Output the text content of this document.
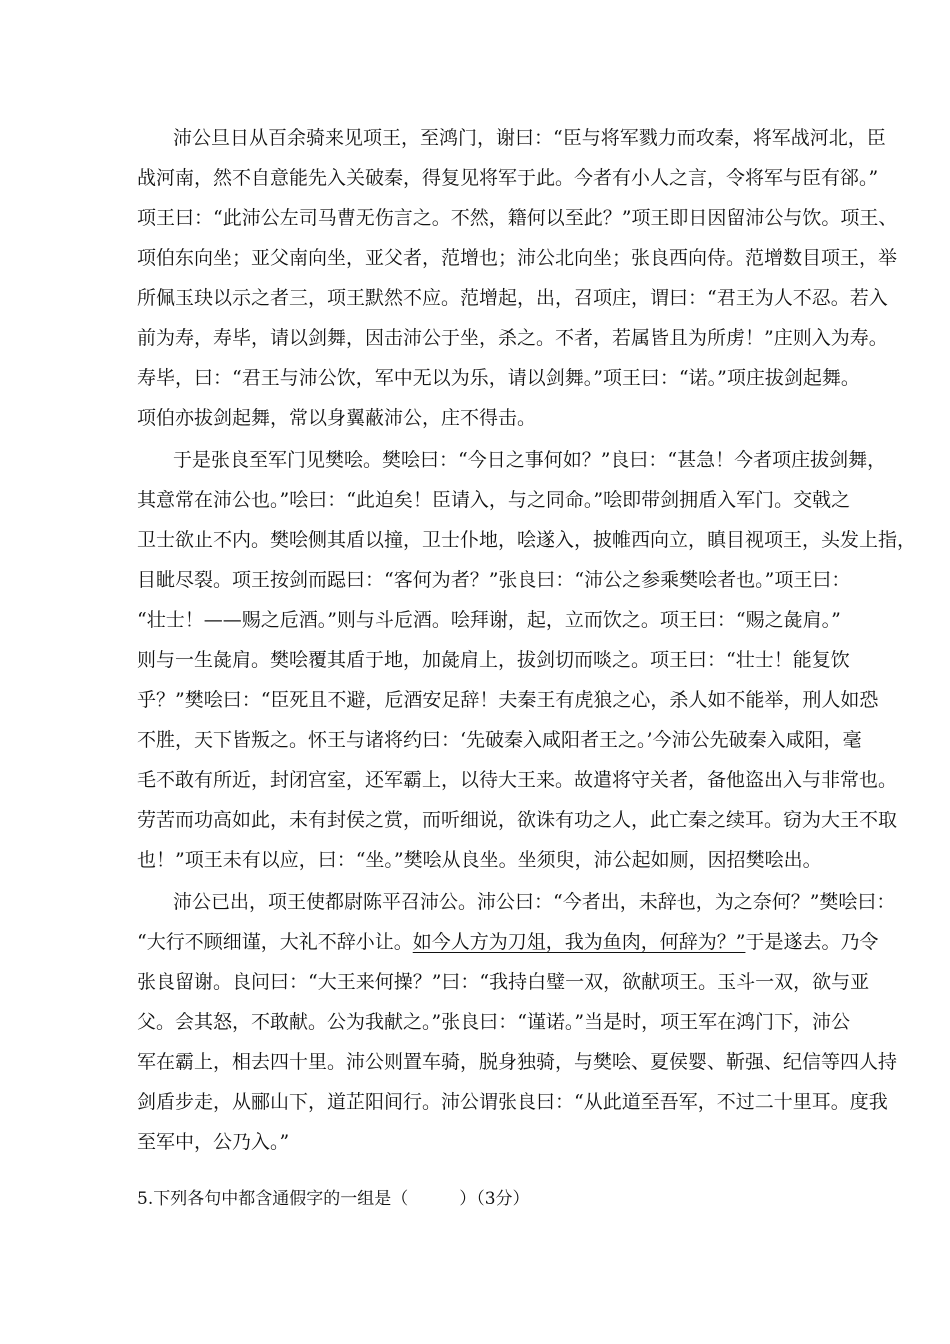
沛公旦日从百余骑来见项王，至鸿门，谢曰：“臣与将军戮力而攻秦，将军战河北，臣
战河南，然不自意能先入关破秦，得复见将军于此。今者有小人之言，令将军与臣有郤。”
项王曰：“此沛公左司马曹无伤言之。不然，籍何以至此？”项王即日因留沛公与饮。项王、
项伯东向坐；亚父南向坐，亚父者，范增也；沛公北向坐；张良西向侍。范增数目项王，举
所佩玉玦以示之者三，项王默然不应。范增起，出，召项庄，谓曰：“君王为人不忍。若入
前为寿，寿毕，请以剑舞，因击沛公于坐，杀之。不者，若属皆且为所虏！”庄则入为寿。
寿毕，曰：“君王与沛公饮，军中无以为乐，请以剑舞。”项王曰：“诺。”项庄拔剑起舞。
项伯亦拔剑起舞，常以身翼蔽沛公，庄不得击。
于是张良至军门见樊哙。樊哙曰：“今日之事何如？”良曰：“甚急！今者项庄拔剑舞，
其意常在沛公也。”哙曰：“此迫矣！臣请入，与之同命。”哙即带剑拥盾入军门。交戟之
卫士欲止不内。樊哙侧其盾以撞，卫士仆地，哙遂入，披帷西向立，瞋目视项王，头发上指，
目眦尽裂。项王按剑而跽曰：“客何为者？”张良曰：“沛公之参乘樊哙者也。”项王曰：
“壮士！——赐之卮酒。”则与斗卮酒。哙拜谢，起，立而饮之。项王曰：“赐之彘肩。”
则与一生彘肩。樊哙覆其盾于地，加彘肩上，拔剑切而啖之。项王曰：“壮士！能复饮
乎？”樊哙曰：“臣死且不避，卮酒安足辞！夫秦王有虎狼之心，杀人如不能举，刑人如恐
不胜，天下皆叛之。怀王与诸将约曰：‘先破秦入咸阳者王之。’今沛公先破秦入咸阳，毫
毛不敢有所近，封闭宫室，还军霸上，以待大王来。故遣将守关者，备他盗出入与非常也。
劳苦而功高如此，未有封侯之赏，而听细说，欲诛有功之人，此亡秦之续耳。窃为大王不取
也！”项王未有以应，曰：“坐。”樊哙从良坐。坐须臾，沛公起如厕，因招樊哙出。
沛公已出，项王使都尉陈平召沛公。沛公曰：“今者出，未辞也，为之奈何？”樊哙曰：
“大行不顾细谨，大礼不辞小让。如今人方为刀俎，我为鱼肉，何辞为？”于是遂去。乃令
张良留谢。良问曰：“大王来何操？”曰：“我持白璧一双，欲献项王。玉斗一双，欲与亚
父。会其怒，不敢献。公为我献之。”张良曰：“谨诺。”当是时，项王军在鸿门下，沛公
军在霸上，相去四十里。沛公则置车骑，脱身独骑，与樊哙、夏侯婴、靳强、纪信等四人持
剑盾步走，从郦山下，道芷阳间行。沛公谓张良曰：“从此道至吾军，不过二十里耳。度我
至军中，公乃入。”
5.下列各句中都含通假字的一组是（　　　）（3分）
